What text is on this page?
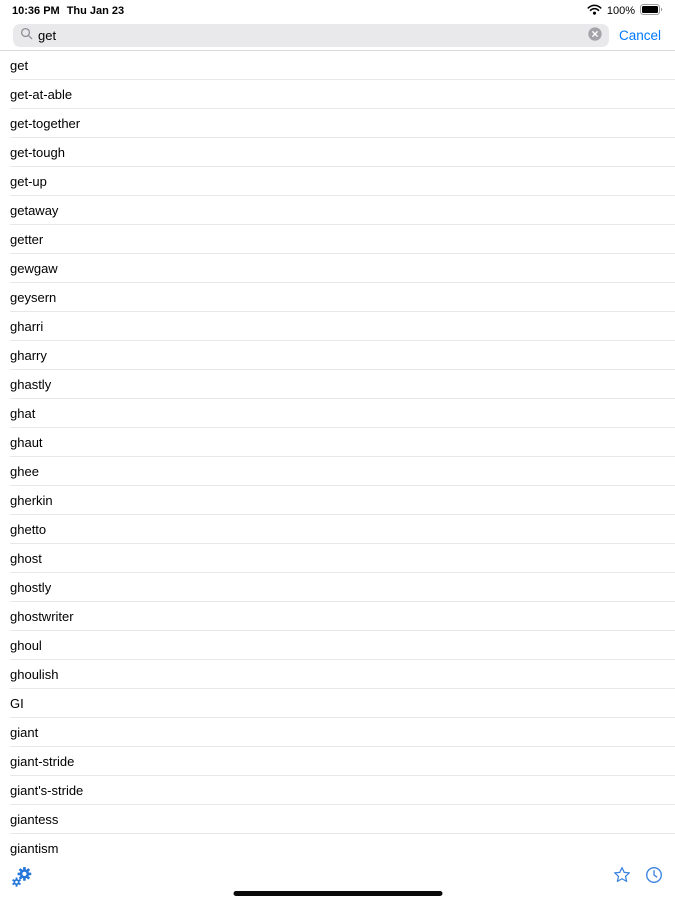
10:36 PM Thu Jan 23	100%
get
Cancel
get
get-at-able
get-together
get-tough
get-up
getaway
getter
gewgaw
geysern
gharri
gharry
ghastly
ghat
ghaut
ghee
gherkin
ghetto
ghost
ghostly
ghostwriter
ghoul
ghoulish
GI
giant
giant-stride
giant's-stride
giantess
giantism
